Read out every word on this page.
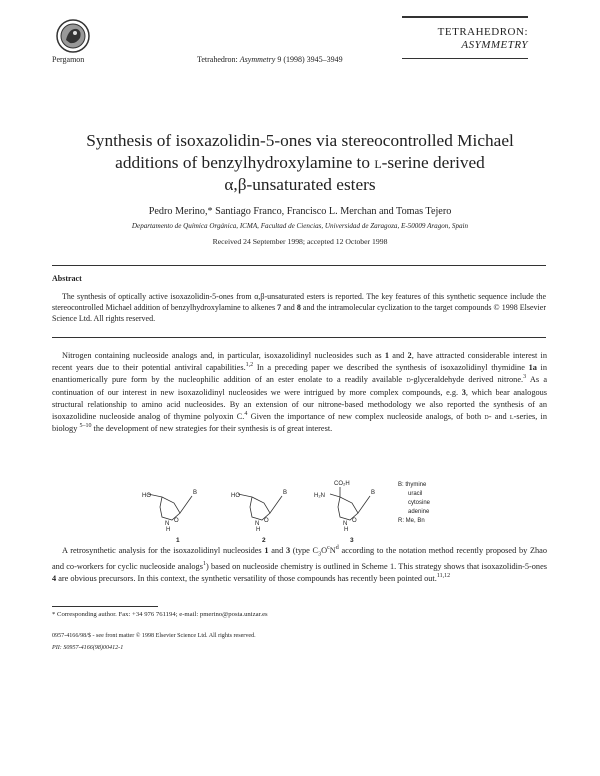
Pergamon	Tetrahedron: Asymmetry 9 (1998) 3945–3949
TETRAHEDRON:
ASYMMETRY
Synthesis of isoxazolidin-5-ones via stereocontrolled Michael
additions of benzylhydroxylamine to l-serine derived
α,β-unsaturated esters
Pedro Merino,* Santiago Franco, Francisco L. Merchan and Tomas Tejero
Departamento de Química Orgánica, ICMA, Facultad de Ciencias, Universidad de Zaragoza, E-50009 Aragon, Spain
Received 24 September 1998; accepted 12 October 1998
Abstract
The synthesis of optically active isoxazolidin-5-ones from α,β-unsaturated esters is reported. The key features of this synthetic sequence include the stereocontrolled Michael addition of benzylhydroxylamine to alkenes 7 and 8 and the intramolecular cyclization to the target compounds © 1998 Elsevier Science Ltd. All rights reserved.
Nitrogen containing nucleoside analogs and, in particular, isoxazolidinyl nucleosides such as 1 and 2, have attracted considerable interest in recent years due to their potential antiviral capabilities.$^{1,2}$ In a preceding paper we described the synthesis of isoxazolidinyl thymidine 1a in enantiomerically pure form by the nucleophilic addition of an ester enolate to a readily available d-glyceraldehyde derived nitrone.$^3$ As a continuation of our interest in new isoxazolidinyl nucleosides we were intrigued by more complex compounds, e.g. 3, which bear analogous structural relationship to amino acid nucleosides. By an extension of our nitrone-based methodology we also reported the synthesis of an isoxazolidine nucleoside analog of thymine polyoxin C.$^4$ Given the importance of new complex nucleoside analogs, of both d- and l-series, in biology $^{5-10}$ the development of new strategies for their synthesis is of great interest.
HO	B
N O
H
HO	B
N O
H
CO₂H
H₂N	B
N O
H
1	2	3
B: thymine
uracil
cytosine
adenine
R: Me, Bn
A retrosynthetic analysis for the isoxazolidinyl nucleosides 1 and 3 (type $C_3O^cN^d$ according to the notation method recently proposed by Zhao and co-workers for cyclic nucleoside analogs$^1$) based on nucleoside chemistry is outlined in Scheme 1. This strategy shows that isoxazolidin-5-ones 4 are obvious precursors. In this context, the synthetic versatility of those compounds has recently been pointed out.$^{11,12}$
* Corresponding author. Fax: +34 976 761194; e-mail: pmerino@posta.unizar.es
0957-4166/98/$ - see front matter © 1998 Elsevier Science Ltd. All rights reserved.
PII: S0957-4166(98)00412-1
